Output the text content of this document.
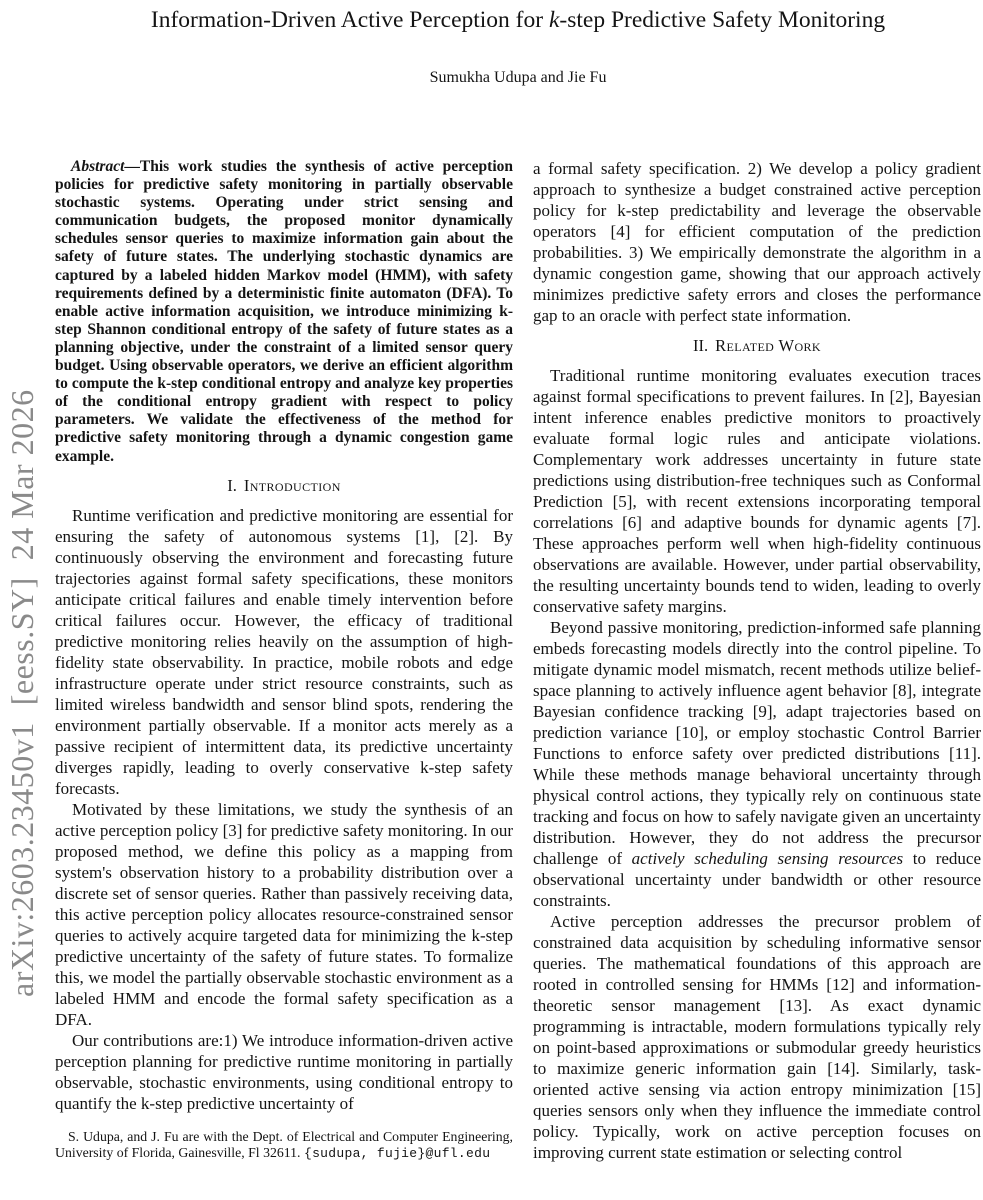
arXiv:2603.23450v1  [eess.SY]  24 Mar 2026
Information-Driven Active Perception for k-step Predictive Safety Monitoring
Sumukha Udupa and Jie Fu

Abstract—This work studies the synthesis of active perception policies for predictive safety monitoring in partially observable stochastic systems. Operating under strict sensing and communication budgets, the proposed monitor dynamically schedules sensor queries to maximize information gain about the safety of future states. The underlying stochastic dynamics are captured by a labeled hidden Markov model (HMM), with safety requirements defined by a deterministic finite automaton (DFA). To enable active information acquisition, we introduce minimizing k-step Shannon conditional entropy of the safety of future states as a planning objective, under the constraint of a limited sensor query budget. Using observable operators, we derive an efficient algorithm to compute the k-step conditional entropy and analyze key properties of the conditional entropy gradient with respect to policy parameters. We validate the effectiveness of the method for predictive safety monitoring through a dynamic congestion game example.

I. Introduction

Runtime verification and predictive monitoring are essential for ensuring the safety of autonomous systems [1], [2]. By continuously observing the environment and forecasting future trajectories against formal safety specifications, these monitors anticipate critical failures and enable timely intervention before critical failures occur. However, the efficacy of traditional predictive monitoring relies heavily on the assumption of high-fidelity state observability. In practice, mobile robots and edge infrastructure operate under strict resource constraints, such as limited wireless bandwidth and sensor blind spots, rendering the environment partially observable. If a monitor acts merely as a passive recipient of intermittent data, its predictive uncertainty diverges rapidly, leading to overly conservative k-step safety forecasts.

Motivated by these limitations, we study the synthesis of an active perception policy [3] for predictive safety monitoring. In our proposed method, we define this policy as a mapping from system's observation history to a probability distribution over a discrete set of sensor queries. Rather than passively receiving data, this active perception policy allocates resource-constrained sensor queries to actively acquire targeted data for minimizing the k-step predictive uncertainty of the safety of future states. To formalize this, we model the partially observable stochastic environment as a labeled HMM and encode the formal safety specification as a DFA.

Our contributions are:1) We introduce information-driven active perception planning for predictive runtime monitoring in partially observable, stochastic environments, using conditional entropy to quantify the k-step predictive uncertainty of

S. Udupa, and J. Fu are with the Dept. of Electrical and Computer Engineering, University of Florida, Gainesville, Fl 32611. {sudupa, fujie}@ufl.edu

a formal safety specification. 2) We develop a policy gradient approach to synthesize a budget constrained active perception policy for k-step predictability and leverage the observable operators [4] for efficient computation of the prediction probabilities. 3) We empirically demonstrate the algorithm in a dynamic congestion game, showing that our approach actively minimizes predictive safety errors and closes the performance gap to an oracle with perfect state information.

II. Related Work

Traditional runtime monitoring evaluates execution traces against formal specifications to prevent failures. In [2], Bayesian intent inference enables predictive monitors to proactively evaluate formal logic rules and anticipate violations. Complementary work addresses uncertainty in future state predictions using distribution-free techniques such as Conformal Prediction [5], with recent extensions incorporating temporal correlations [6] and adaptive bounds for dynamic agents [7]. These approaches perform well when high-fidelity continuous observations are available. However, under partial observability, the resulting uncertainty bounds tend to widen, leading to overly conservative safety margins.

Beyond passive monitoring, prediction-informed safe planning embeds forecasting models directly into the control pipeline. To mitigate dynamic model mismatch, recent methods utilize belief-space planning to actively influence agent behavior [8], integrate Bayesian confidence tracking [9], adapt trajectories based on prediction variance [10], or employ stochastic Control Barrier Functions to enforce safety over predicted distributions [11]. While these methods manage behavioral uncertainty through physical control actions, they typically rely on continuous state tracking and focus on how to safely navigate given an uncertainty distribution. However, they do not address the precursor challenge of actively scheduling sensing resources to reduce observational uncertainty under bandwidth or other resource constraints.

Active perception addresses the precursor problem of constrained data acquisition by scheduling informative sensor queries. The mathematical foundations of this approach are rooted in controlled sensing for HMMs [12] and information-theoretic sensor management [13]. As exact dynamic programming is intractable, modern formulations typically rely on point-based approximations or submodular greedy heuristics to maximize generic information gain [14]. Similarly, task-oriented active sensing via action entropy minimization [15] queries sensors only when they influence the immediate control policy. Typically, work on active perception focuses on improving current state estimation or selecting control
